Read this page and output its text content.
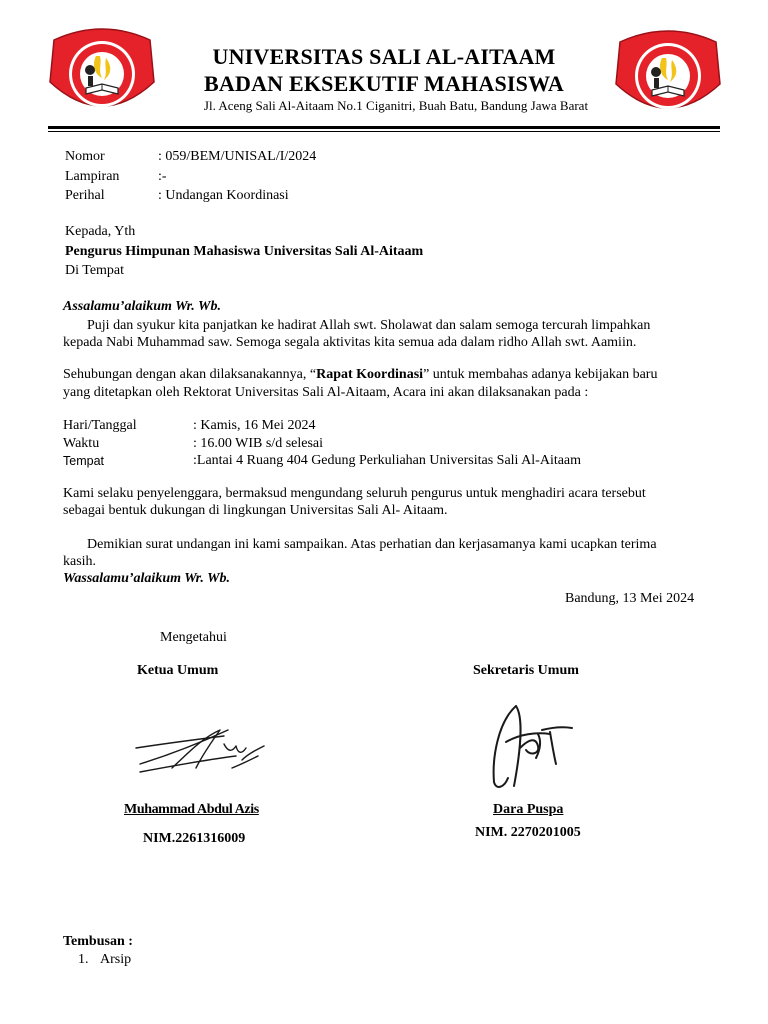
UNIVERSITAS SALI AL-AITAAM
BADAN EKSEKUTIF MAHASISWA
Jl. Aceng Sali Al-Aitaam No.1 Ciganitri, Buah Batu, Bandung Jawa Barat
Nomor	: 059/BEM/UNISAL/I/2024
Lampiran	:-
Perihal	: Undangan Koordinasi
Kepada, Yth
Pengurus Himpunan Mahasiswa Universitas Sali Al-Aitaam
Di Tempat
Assalamu’alaikum Wr. Wb.
Puji dan syukur kita panjatkan ke hadirat Allah swt. Sholawat dan salam semoga tercurah limpahkan
kepada Nabi Muhammad saw. Semoga segala aktivitas kita semua ada dalam ridho Allah swt. Aamiin.
Sehubungan dengan akan dilaksanakannya, “Rapat Koordinasi” untuk membahas adanya kebijakan baru
yang ditetapkan oleh Rektorat Universitas Sali Al-Aitaam, Acara ini akan dilaksanakan pada :
Hari/Tanggal	: Kamis, 16 Mei 2024
Waktu	: 16.00 WIB s/d selesai
Tempat	:Lantai 4 Ruang 404 Gedung Perkuliahan Universitas Sali Al-Aitaam
Kami selaku penyelenggara, bermaksud mengundang seluruh pengurus untuk menghadiri acara tersebut
sebagai bentuk dukungan di lingkungan Universitas Sali Al- Aitaam.
Demikian surat undangan ini kami sampaikan. Atas perhatian dan kerjasamanya kami ucapkan terima
kasih.
Wassalamu’alaikum Wr. Wb.
Bandung, 13 Mei 2024
Mengetahui
Ketua Umum	Sekretaris Umum
Muhammad Abdul Azis	Dara Puspa
NIM.2261316009	NIM. 2270201005
Tembusan :
1. Arsip
